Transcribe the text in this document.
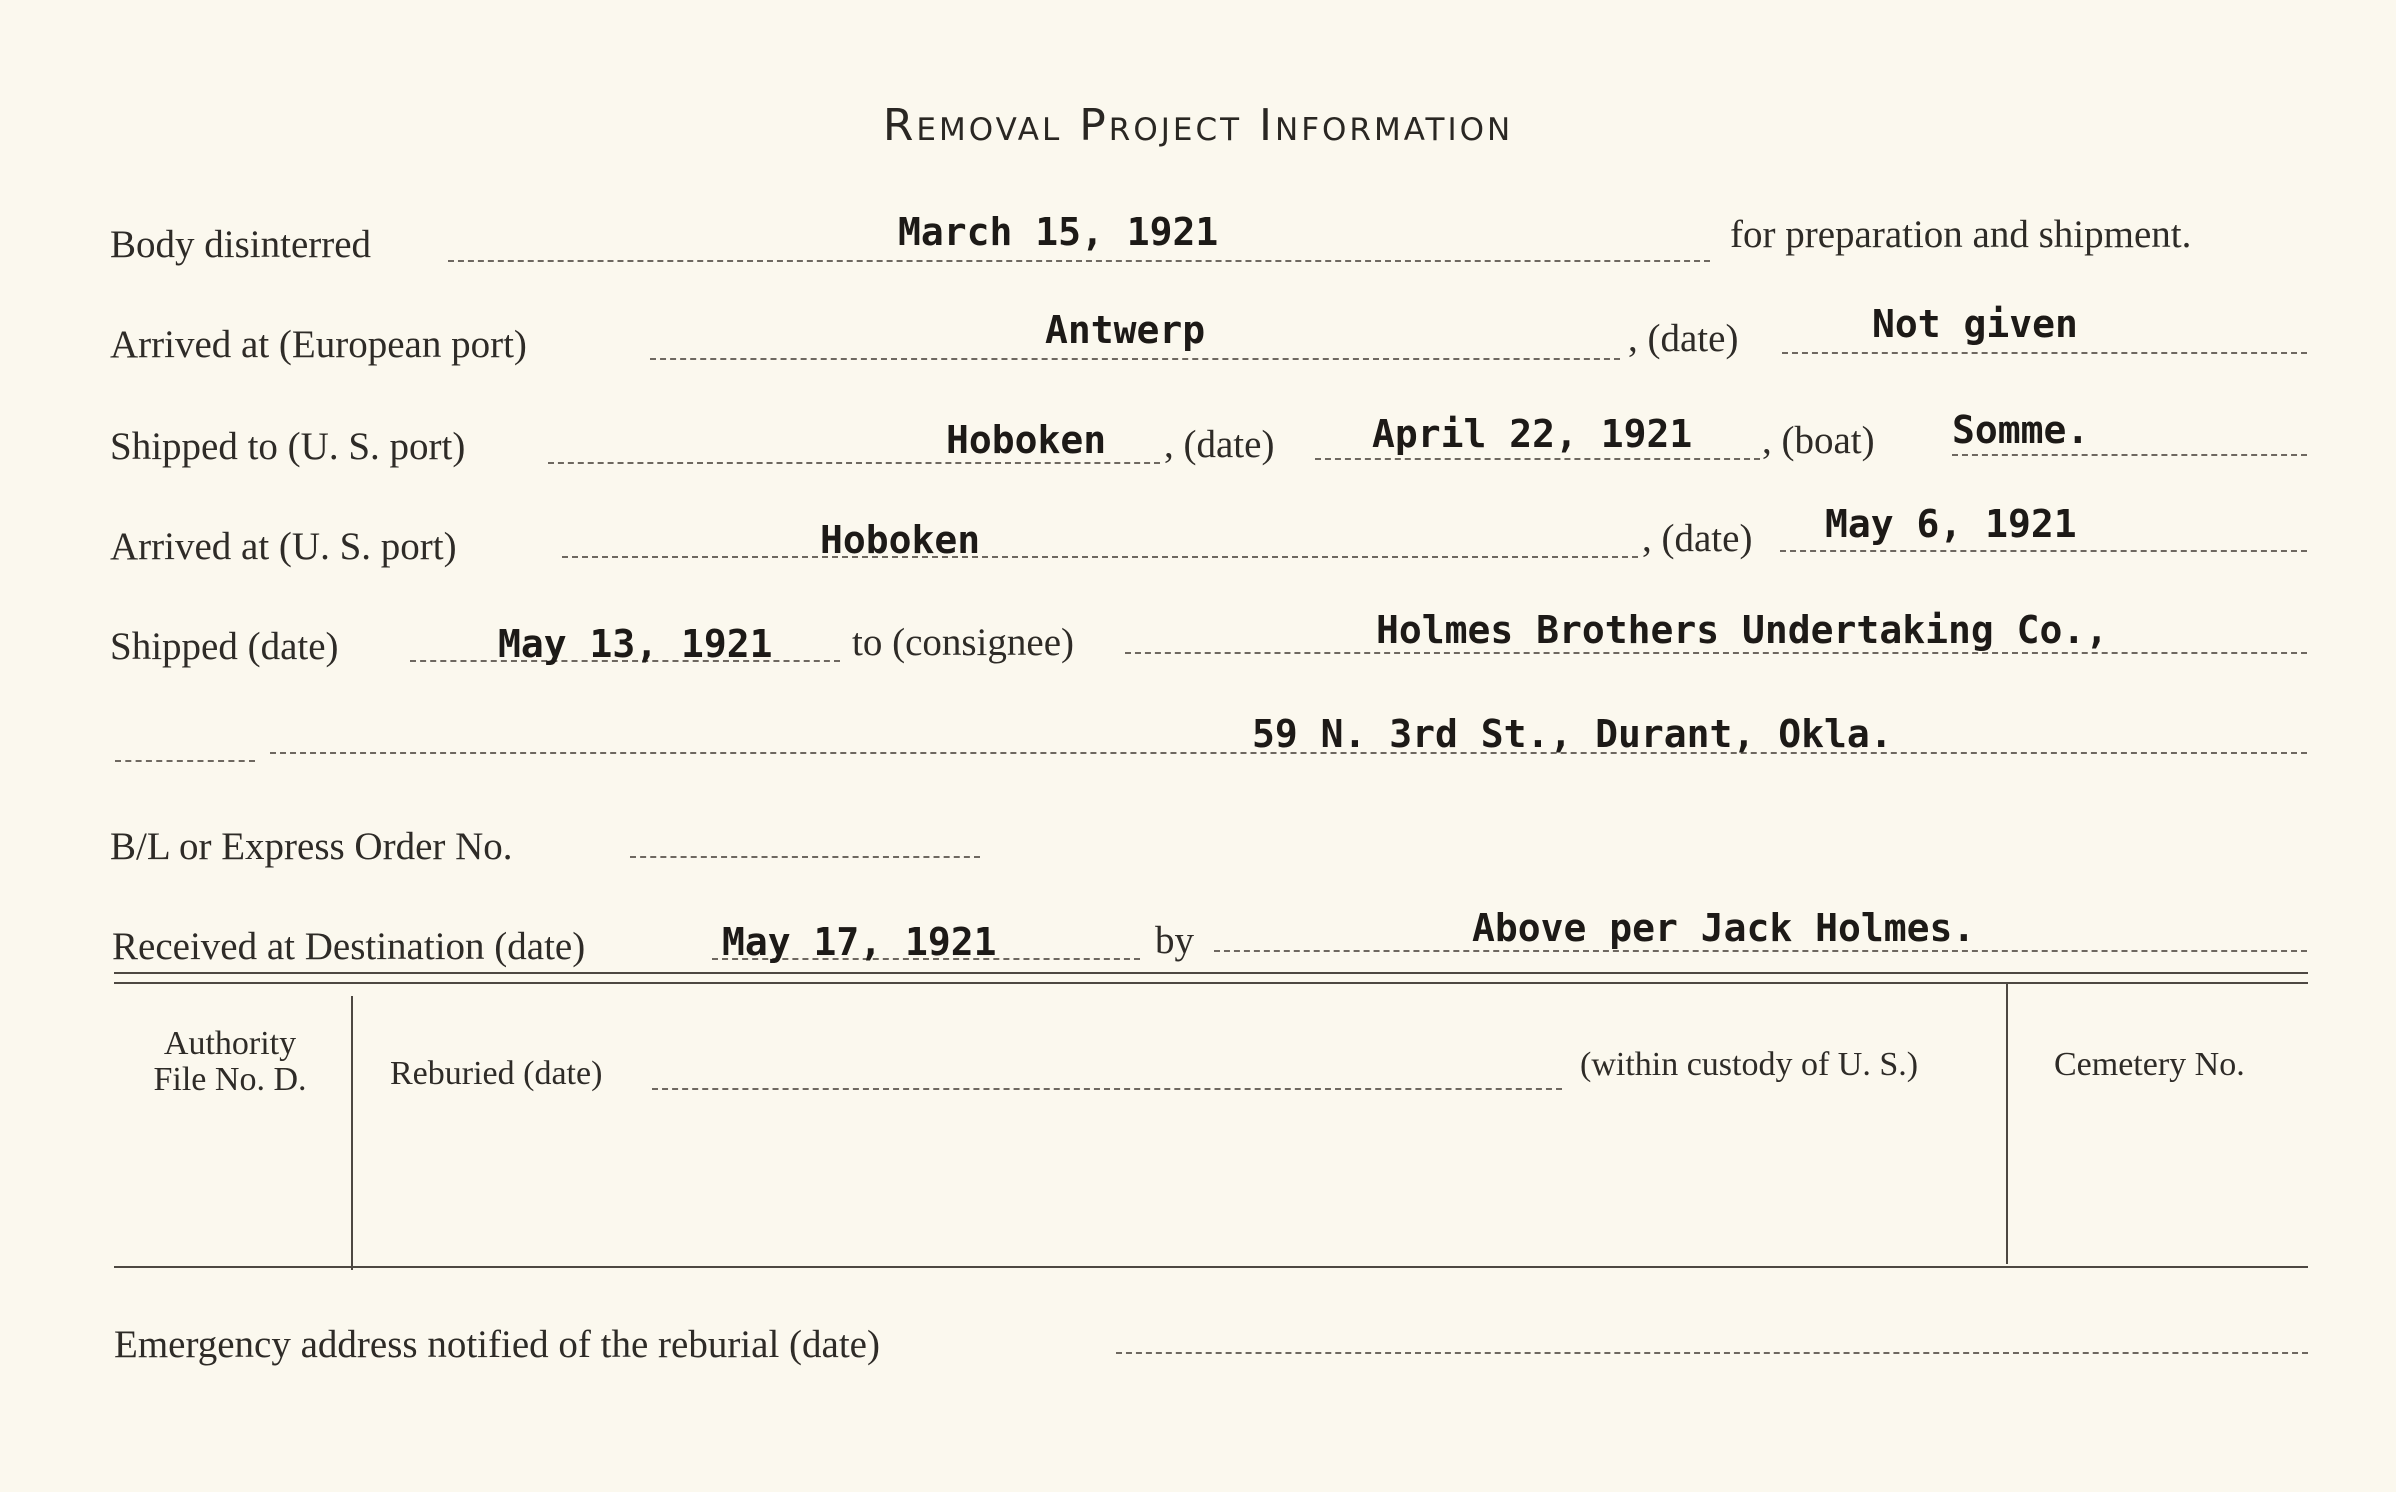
Removal Project Information
Body disinterred	March 15, 1921	for preparation and shipment.
Arrived at (European port)	Antwerp	, (date)	Not given
Shipped to (U. S. port)	Hoboken , (date)	April 22, 1921 , (boat) Somme.
Arrived at (U. S. port)	Hoboken	, (date) May 6, 1921
Shipped (date)	May 13, 1921 to (consignee)	Holmes Brothers Undertaking Co.,
59 N. 3rd St., Durant, Okla.
B/L or Express Order No.
Received at Destination (date)	May 17, 1921	by	Above per Jack Holmes.
Authority
File No. D.	Reburied (date)	(within custody of U. S.)	Cemetery No.
Emergency address notified of the reburial (date)
